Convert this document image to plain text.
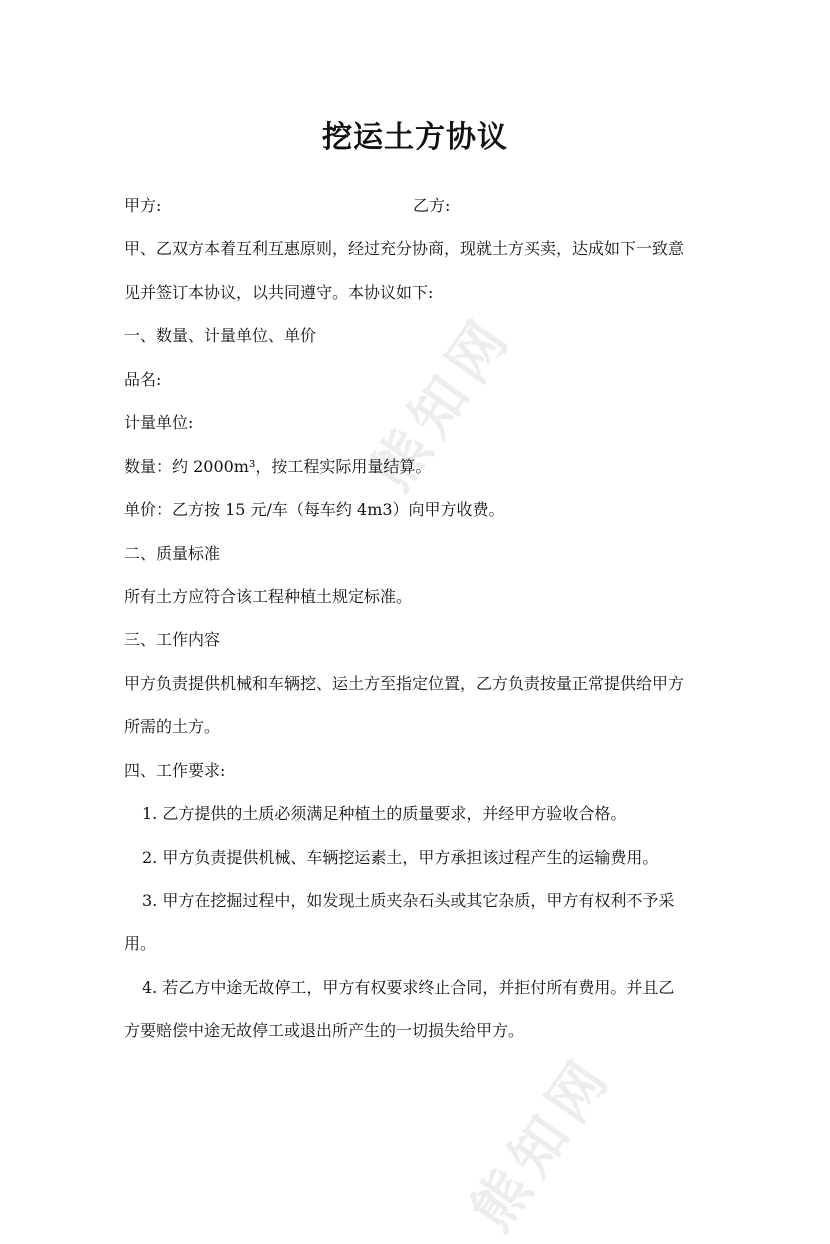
熊知网
熊知网
挖运土方协议
甲方:	乙方:
甲、乙双方本着互利互惠原则，经过充分协商，现就土方买卖，达成如下一致意
见并签订本协议，以共同遵守。本协议如下:
一、数量、计量单位、单价
品名:
计量单位:
数量：约 2000m³，按工程实际用量结算。
单价：乙方按 15 元/车（每车约 4m3）向甲方收费。
二、质量标准
所有土方应符合该工程种植土规定标准。
三、工作内容
甲方负责提供机械和车辆挖、运土方至指定位置，乙方负责按量正常提供给甲方
所需的土方。
四、工作要求:
1. 乙方提供的土质必须满足种植土的质量要求，并经甲方验收合格。
2. 甲方负责提供机械、车辆挖运素土，甲方承担该过程产生的运输费用。
3. 甲方在挖掘过程中，如发现土质夹杂石头或其它杂质，甲方有权利不予采
用。
4. 若乙方中途无故停工，甲方有权要求终止合同，并拒付所有费用。并且乙
方要赔偿中途无故停工或退出所产生的一切损失给甲方。
